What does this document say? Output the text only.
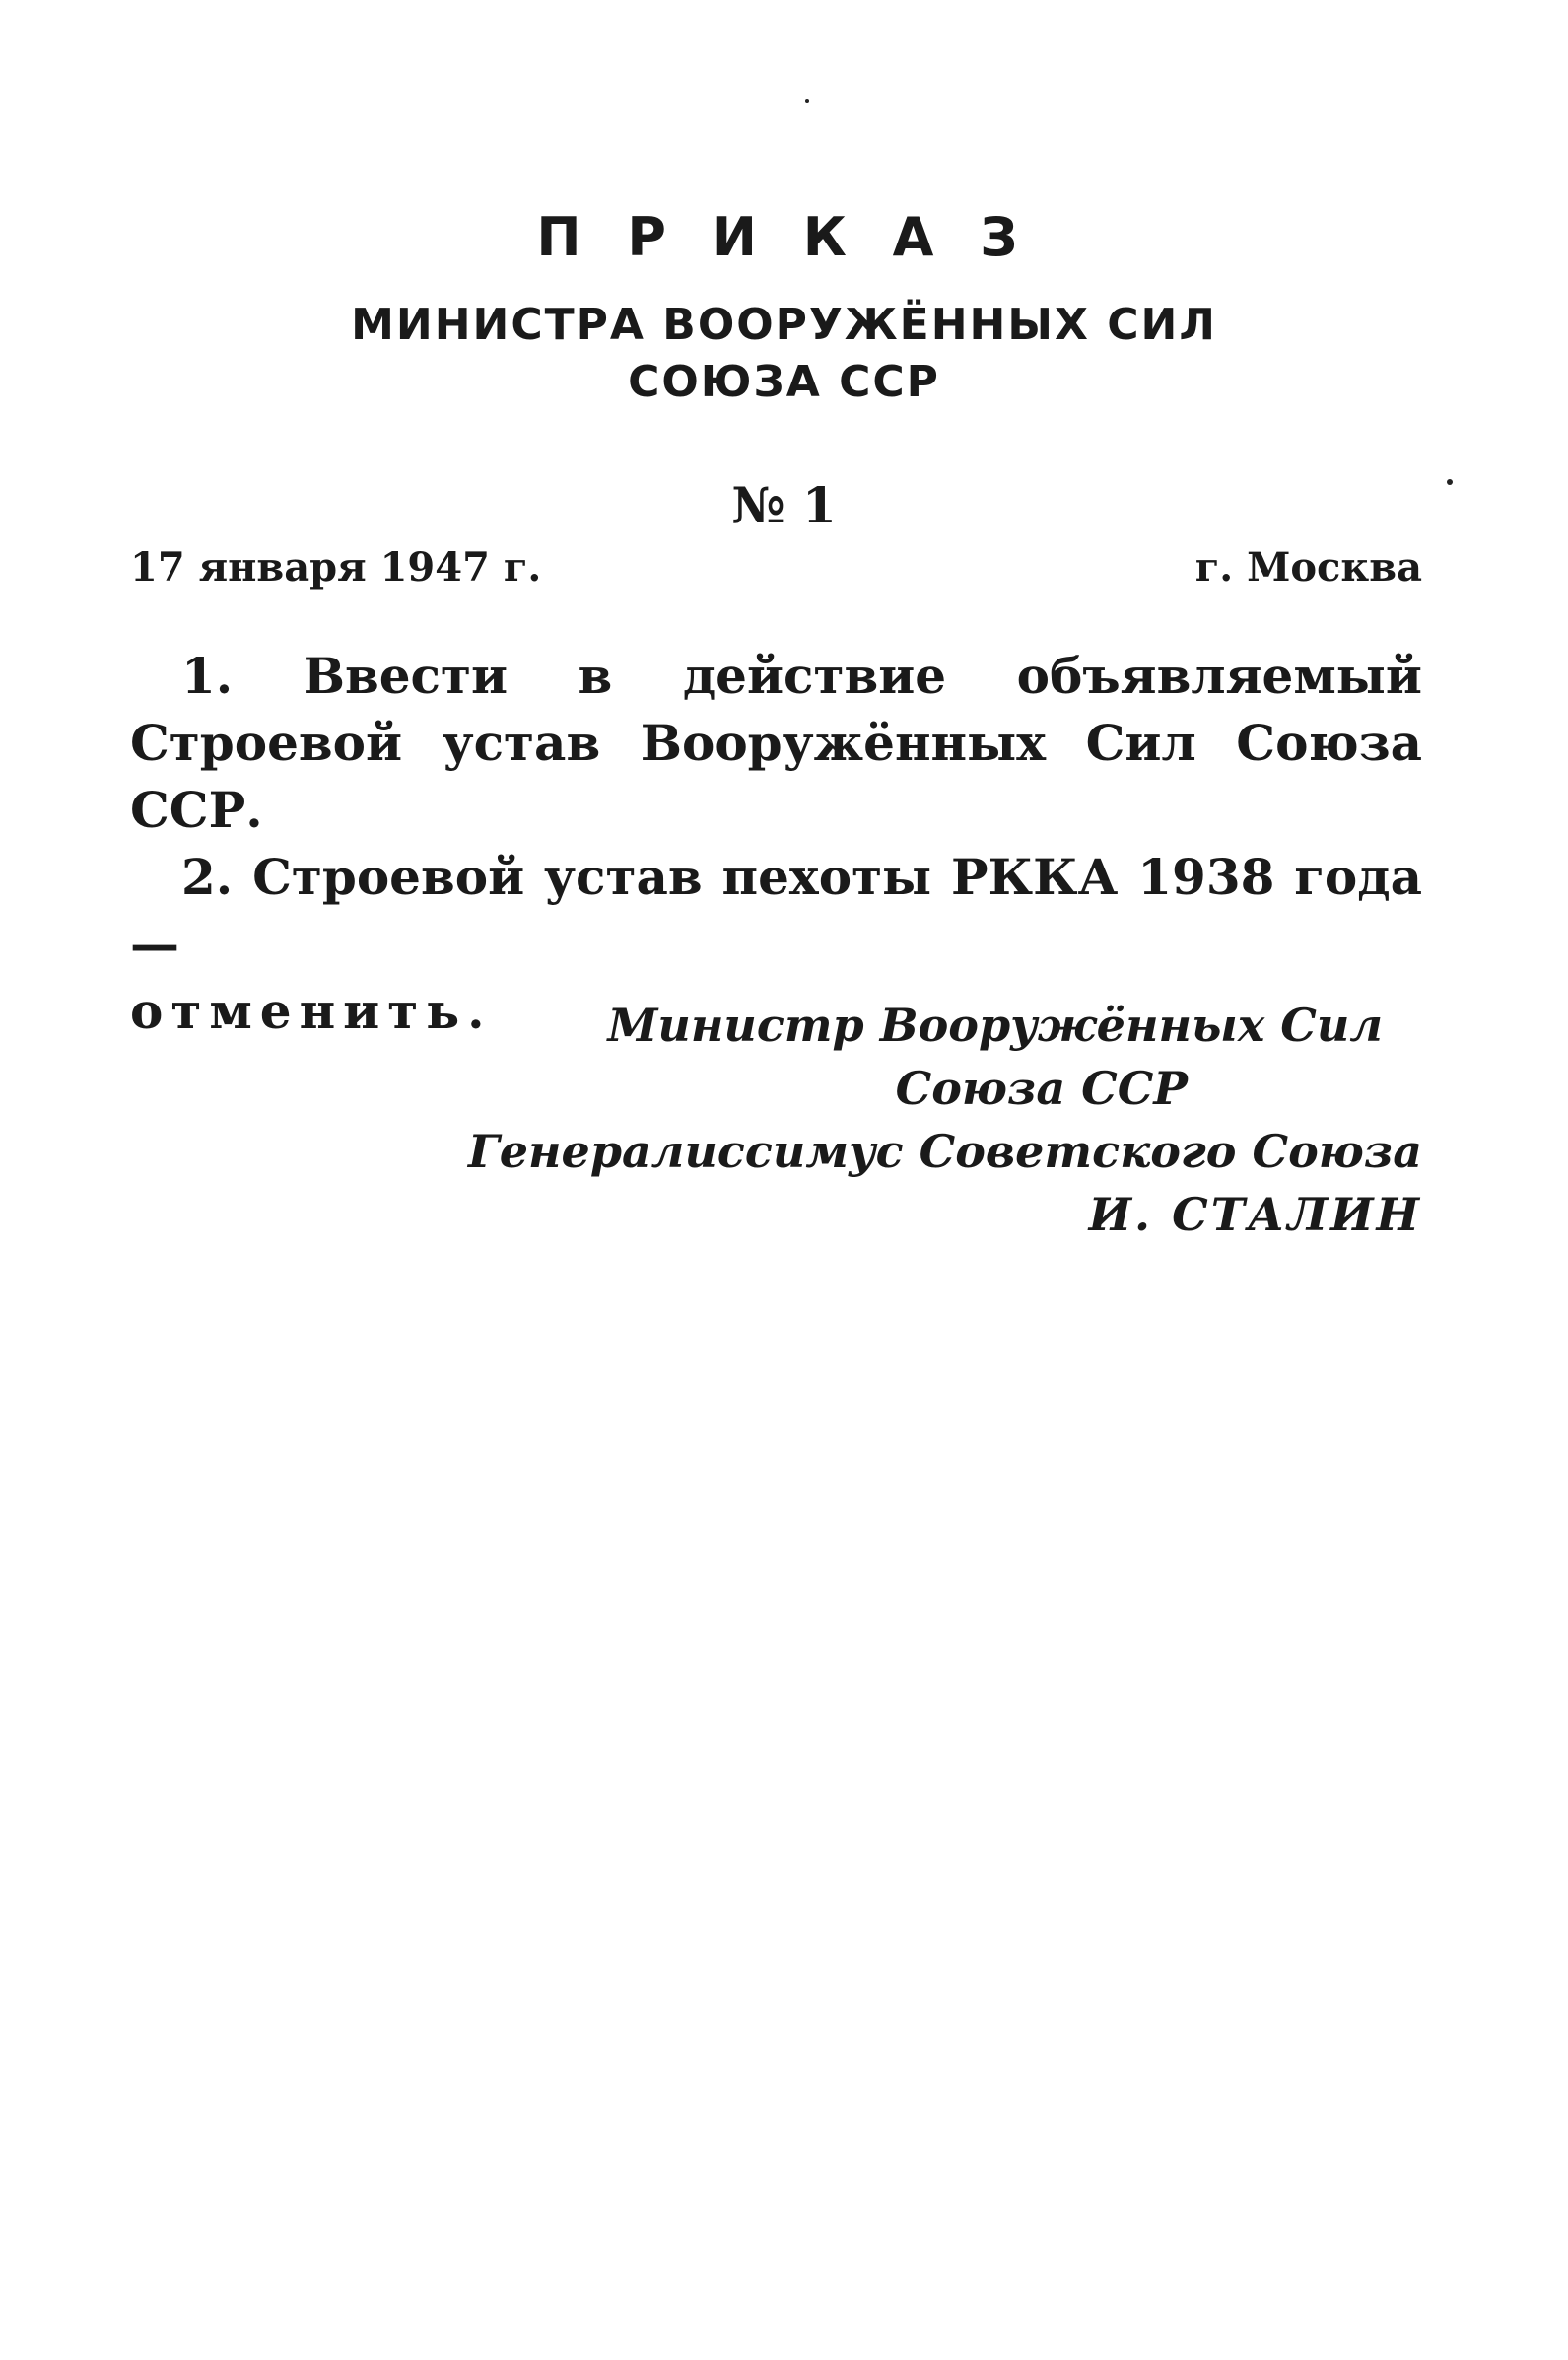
П Р И К А З
МИНИСТРА ВООРУЖЁННЫХ СИЛ
СОЮЗА ССР
№ 1
17 января 1947 г.	г. Москва

1. Ввести в действие объявляемый Строевой устав Вооружённых Сил Союза ССР.

2. Строевой устав пехоты РККА 1938 года —

отменить.	Министр Вооружённых Сил
Союза ССР
Генералиссимус Советского Союза
И. СТАЛИН
